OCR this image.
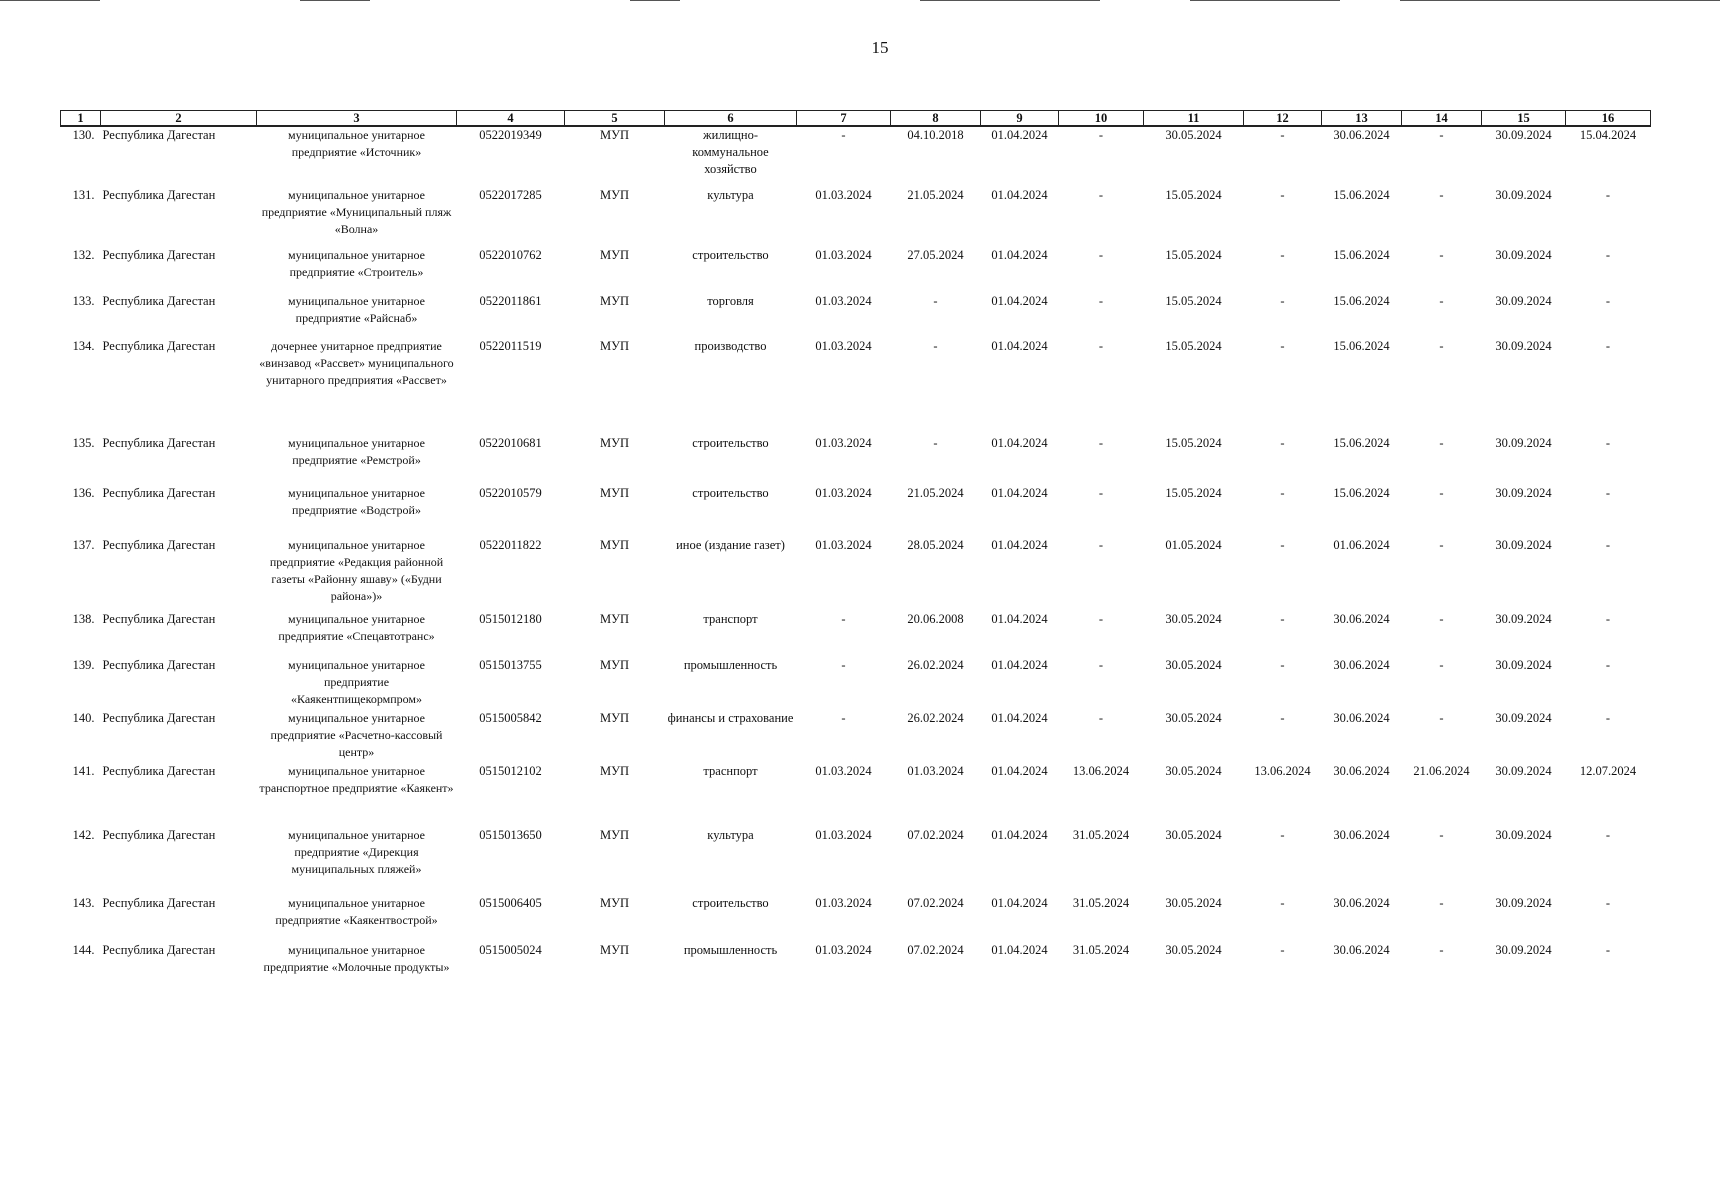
15
1	2	3	4	5	6	7	8	9	10	11	12	13	14	15	16
130.	Республика Дагестан	муниципальное унитарное предприятие «Источник»	0522019349	МУП	жилищно-коммунальное хозяйство	-	04.10.2018	01.04.2024	-	30.05.2024	-	30.06.2024	-	30.09.2024	15.04.2024
131.	Республика Дагестан	муниципальное унитарное предприятие «Муниципальный пляж «Волна»	0522017285	МУП	культура	01.03.2024	21.05.2024	01.04.2024	-	15.05.2024	-	15.06.2024	-	30.09.2024	-
132.	Республика Дагестан	муниципальное унитарное предприятие «Строитель»	0522010762	МУП	строительство	01.03.2024	27.05.2024	01.04.2024	-	15.05.2024	-	15.06.2024	-	30.09.2024	-
133.	Республика Дагестан	муниципальное унитарное предприятие «Райснаб»	0522011861	МУП	торговля	01.03.2024	-	01.04.2024	-	15.05.2024	-	15.06.2024	-	30.09.2024	-
134.	Республика Дагестан	дочернее унитарное предприятие «винзавод «Рассвет» муниципального унитарного предприятия «Рассвет»	0522011519	МУП	производство	01.03.2024	-	01.04.2024	-	15.05.2024	-	15.06.2024	-	30.09.2024	-
135.	Республика Дагестан	муниципальное унитарное предприятие «Ремстрой»	0522010681	МУП	строительство	01.03.2024	-	01.04.2024	-	15.05.2024	-	15.06.2024	-	30.09.2024	-
136.	Республика Дагестан	муниципальное унитарное предприятие «Водстрой»	0522010579	МУП	строительство	01.03.2024	21.05.2024	01.04.2024	-	15.05.2024	-	15.06.2024	-	30.09.2024	-
137.	Республика Дагестан	муниципальное унитарное предприятие «Редакция районной газеты «Районну яшаву» («Будни района»)»	0522011822	МУП	иное (издание газет)	01.03.2024	28.05.2024	01.04.2024	-	01.05.2024	-	01.06.2024	-	30.09.2024	-
138.	Республика Дагестан	муниципальное унитарное предприятие «Спецавтотранс»	0515012180	МУП	транспорт	-	20.06.2008	01.04.2024	-	30.05.2024	-	30.06.2024	-	30.09.2024	-
139.	Республика Дагестан	муниципальное унитарное предприятие «Каякентпищекормпром»	0515013755	МУП	промышленность	-	26.02.2024	01.04.2024	-	30.05.2024	-	30.06.2024	-	30.09.2024	-
140.	Республика Дагестан	муниципальное унитарное предприятие «Расчетно-кассовый центр»	0515005842	МУП	финансы и страхование	-	26.02.2024	01.04.2024	-	30.05.2024	-	30.06.2024	-	30.09.2024	-
141.	Республика Дагестан	муниципальное унитарное транспортное предприятие «Каякент»	0515012102	МУП	траснпорт	01.03.2024	01.03.2024	01.04.2024	13.06.2024	30.05.2024	13.06.2024	30.06.2024	21.06.2024	30.09.2024	12.07.2024
142.	Республика Дагестан	муниципальное унитарное предприятие «Дирекция муниципальных пляжей»	0515013650	МУП	культура	01.03.2024	07.02.2024	01.04.2024	31.05.2024	30.05.2024	-	30.06.2024	-	30.09.2024	-
143.	Республика Дагестан	муниципальное унитарное предприятие «Каякентвострой»	0515006405	МУП	строительство	01.03.2024	07.02.2024	01.04.2024	31.05.2024	30.05.2024	-	30.06.2024	-	30.09.2024	-
144.	Республика Дагестан	муниципальное унитарное предприятие «Молочные продукты»	0515005024	МУП	промышленность	01.03.2024	07.02.2024	01.04.2024	31.05.2024	30.05.2024	-	30.06.2024	-	30.09.2024	-
